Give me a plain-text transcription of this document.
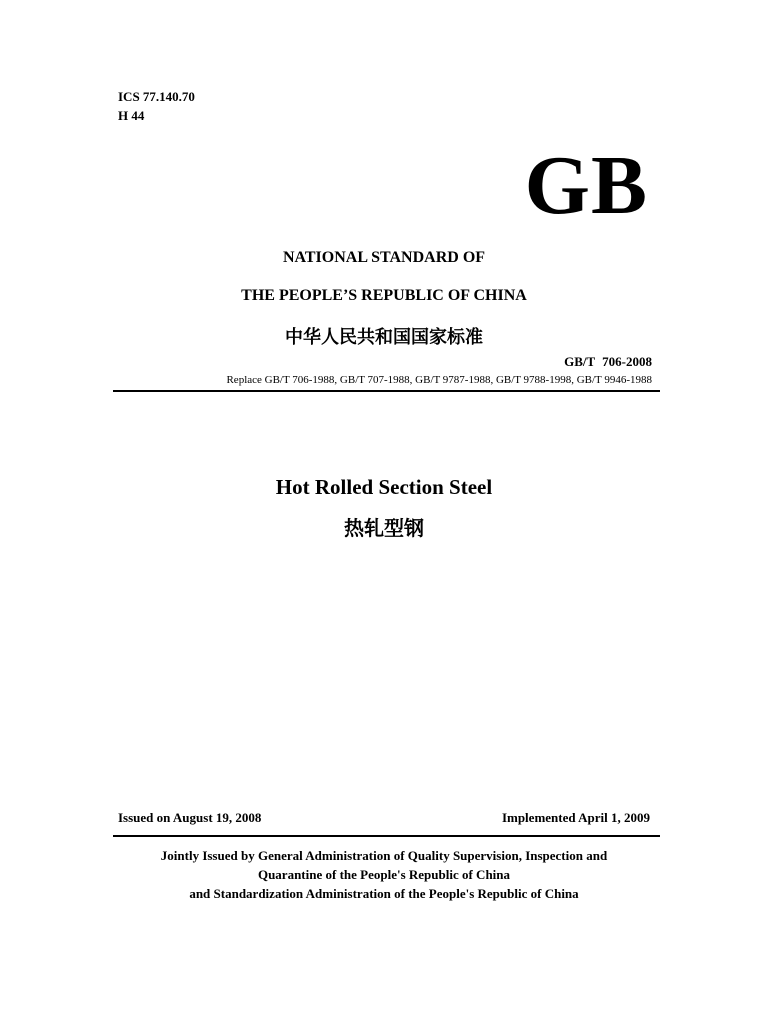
ICS 77.140.70
H 44
GB
NATIONAL STANDARD OF
THE PEOPLE’S REPUBLIC OF CHINA
中华人民共和国国家标准
GB/T 706-2008
Replace GB/T 706-1988, GB/T 707-1988, GB/T 9787-1988, GB/T 9788-1998, GB/T 9946-1988
Hot Rolled Section Steel
热轧型钢
Issued on August 19, 2008	Implemented April 1, 2009
Jointly Issued by General Administration of Quality Supervision, Inspection and
Quarantine of the People's Republic of China
and Standardization Administration of the People's Republic of China
